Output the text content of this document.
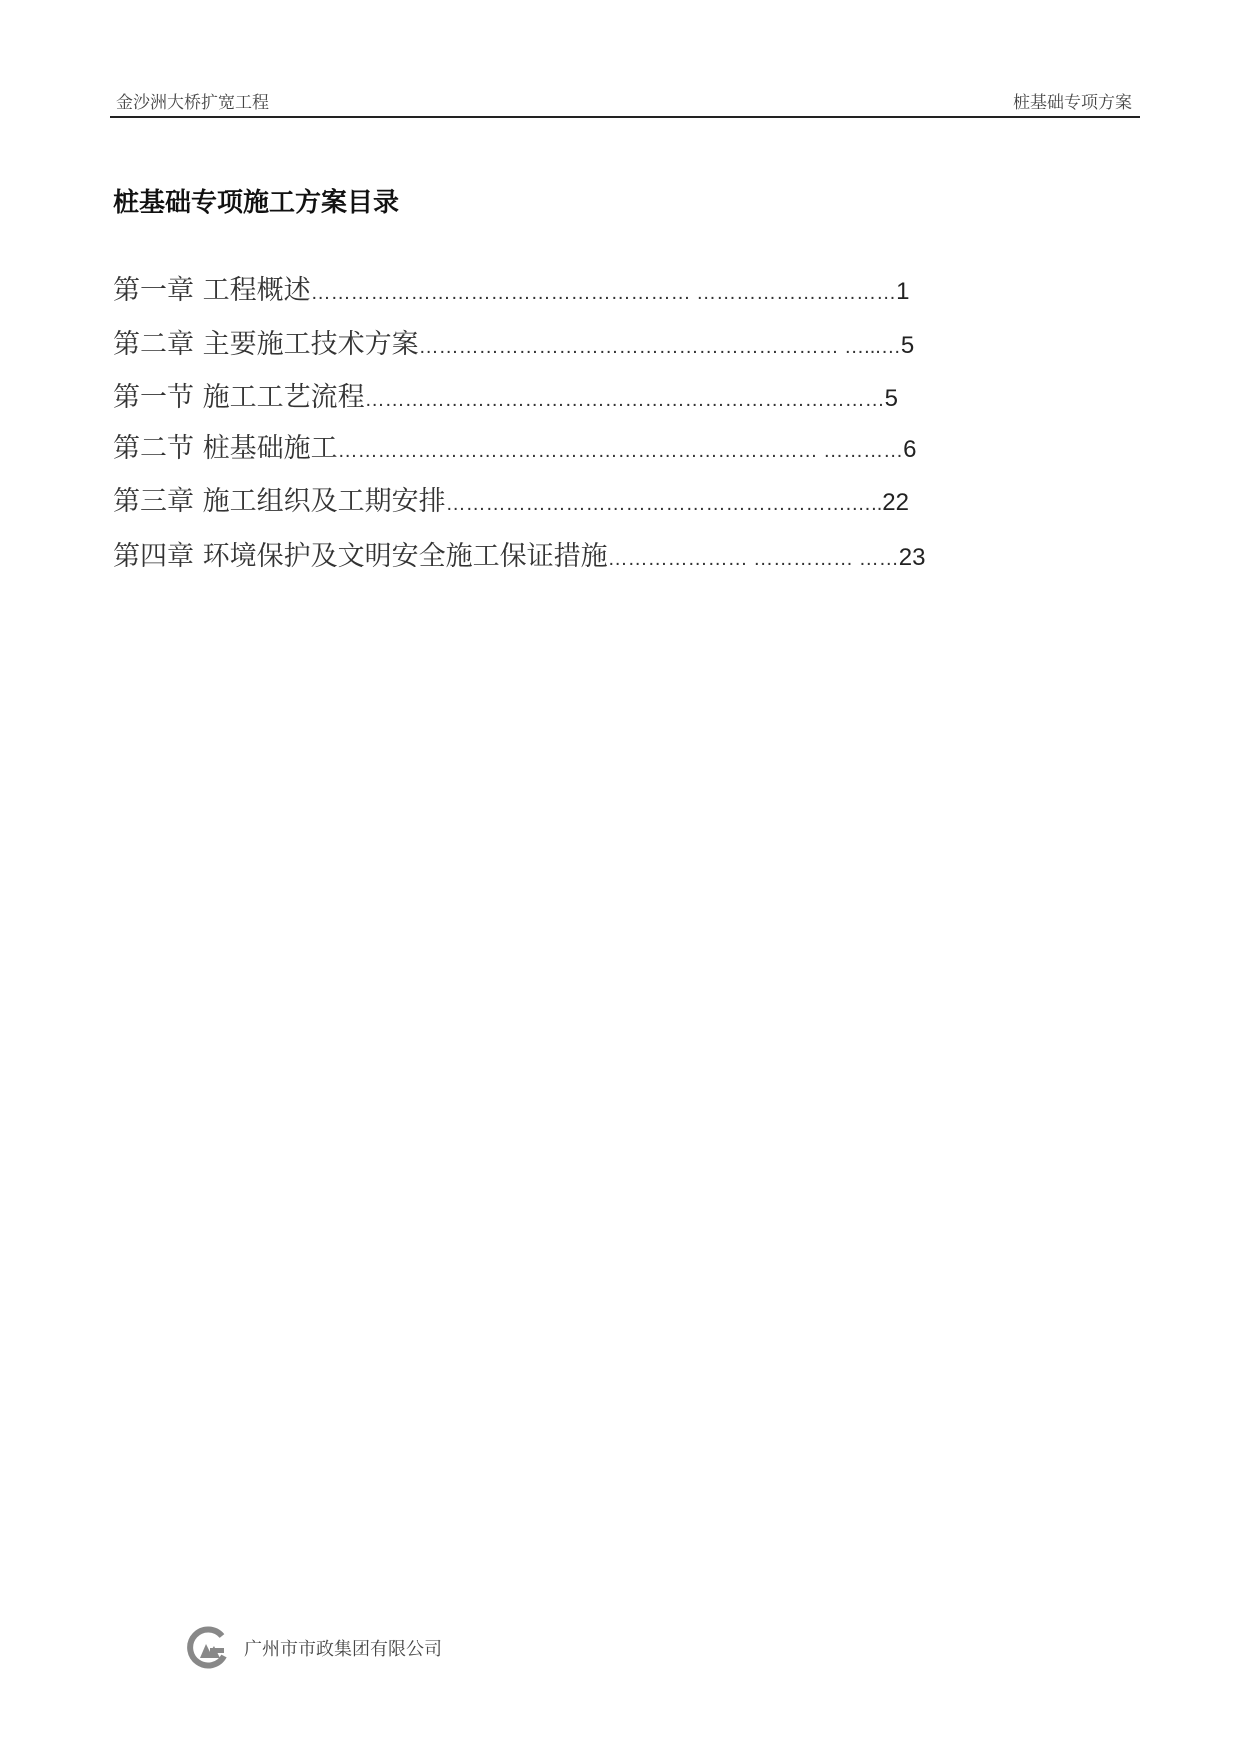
金沙洲大桥扩宽工程	桩基础专项方案
桩基础专项施工方案目录
第一章 工程概述 ………………………………………………… ………………………… 1
第二章 主要施工技术方案 ……………………………………………………… …...… 5
第一节 施工工艺流程 …………………………………………………………………… 5
第二节 桩基础施工 ……………………………………………………………… ………… 6
第三章 施工组织及工期安排 …………………………………………………….….. 22
第四章 环境保护及文明安全施工保证措施 ………………… …………… …… 23
广州市市政集团有限公司
